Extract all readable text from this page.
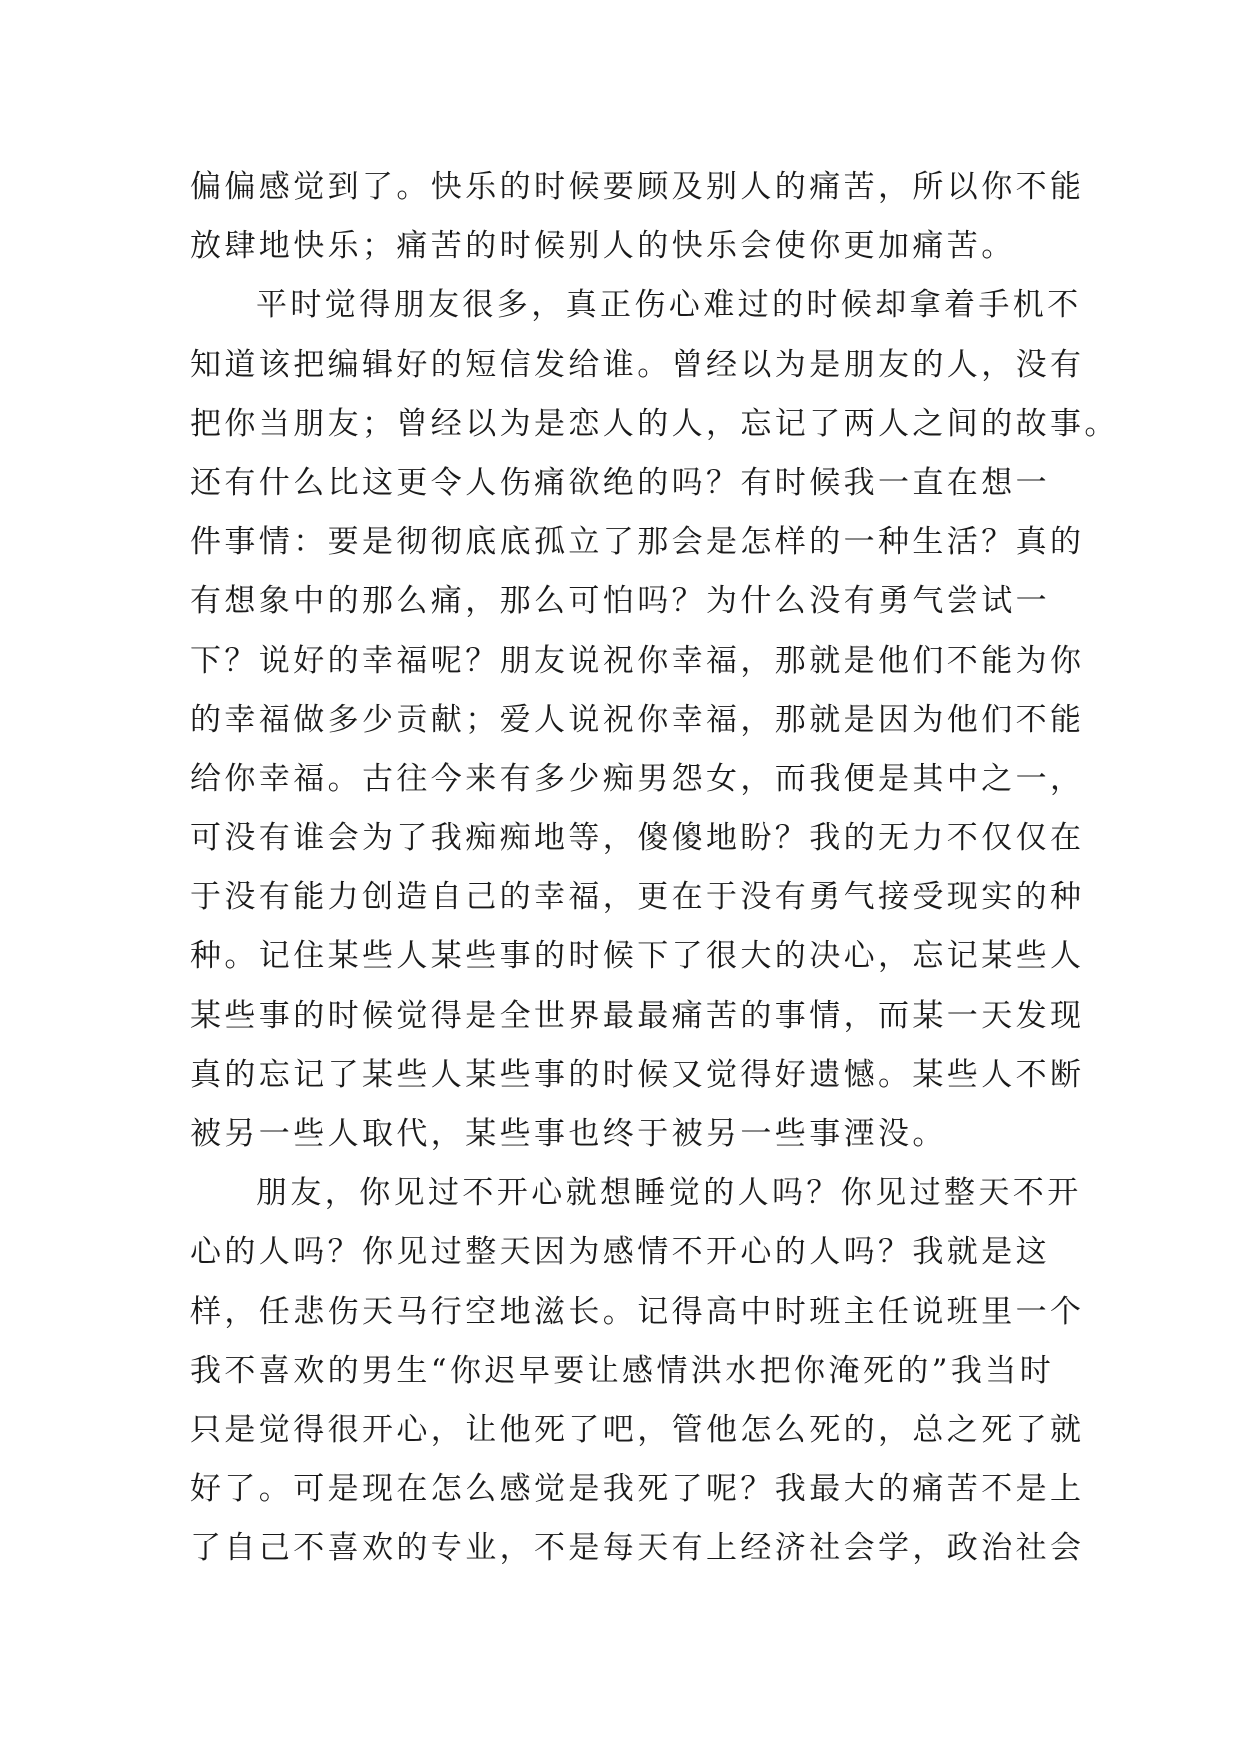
偏偏感觉到了。快乐的时候要顾及别人的痛苦，所以你不能
放肆地快乐；痛苦的时候别人的快乐会使你更加痛苦。
平时觉得朋友很多，真正伤心难过的时候却拿着手机不
知道该把编辑好的短信发给谁。曾经以为是朋友的人，没有
把你当朋友；曾经以为是恋人的人，忘记了两人之间的故事。
还有什么比这更令人伤痛欲绝的吗？有时候我一直在想一
件事情：要是彻彻底底孤立了那会是怎样的一种生活？真的
有想象中的那么痛，那么可怕吗？为什么没有勇气尝试一
下？说好的幸福呢？朋友说祝你幸福，那就是他们不能为你
的幸福做多少贡献；爱人说祝你幸福，那就是因为他们不能
给你幸福。古往今来有多少痴男怨女，而我便是其中之一，
可没有谁会为了我痴痴地等，傻傻地盼？我的无力不仅仅在
于没有能力创造自己的幸福，更在于没有勇气接受现实的种
种。记住某些人某些事的时候下了很大的决心，忘记某些人
某些事的时候觉得是全世界最最痛苦的事情，而某一天发现
真的忘记了某些人某些事的时候又觉得好遗憾。某些人不断
被另一些人取代，某些事也终于被另一些事湮没。
朋友，你见过不开心就想睡觉的人吗？你见过整天不开
心的人吗？你见过整天因为感情不开心的人吗？我就是这
样，任悲伤天马行空地滋长。记得高中时班主任说班里一个
我不喜欢的男生“你迟早要让感情洪水把你淹死的”我当时
只是觉得很开心，让他死了吧，管他怎么死的，总之死了就
好了。可是现在怎么感觉是我死了呢？我最大的痛苦不是上
了自己不喜欢的专业，不是每天有上经济社会学，政治社会
